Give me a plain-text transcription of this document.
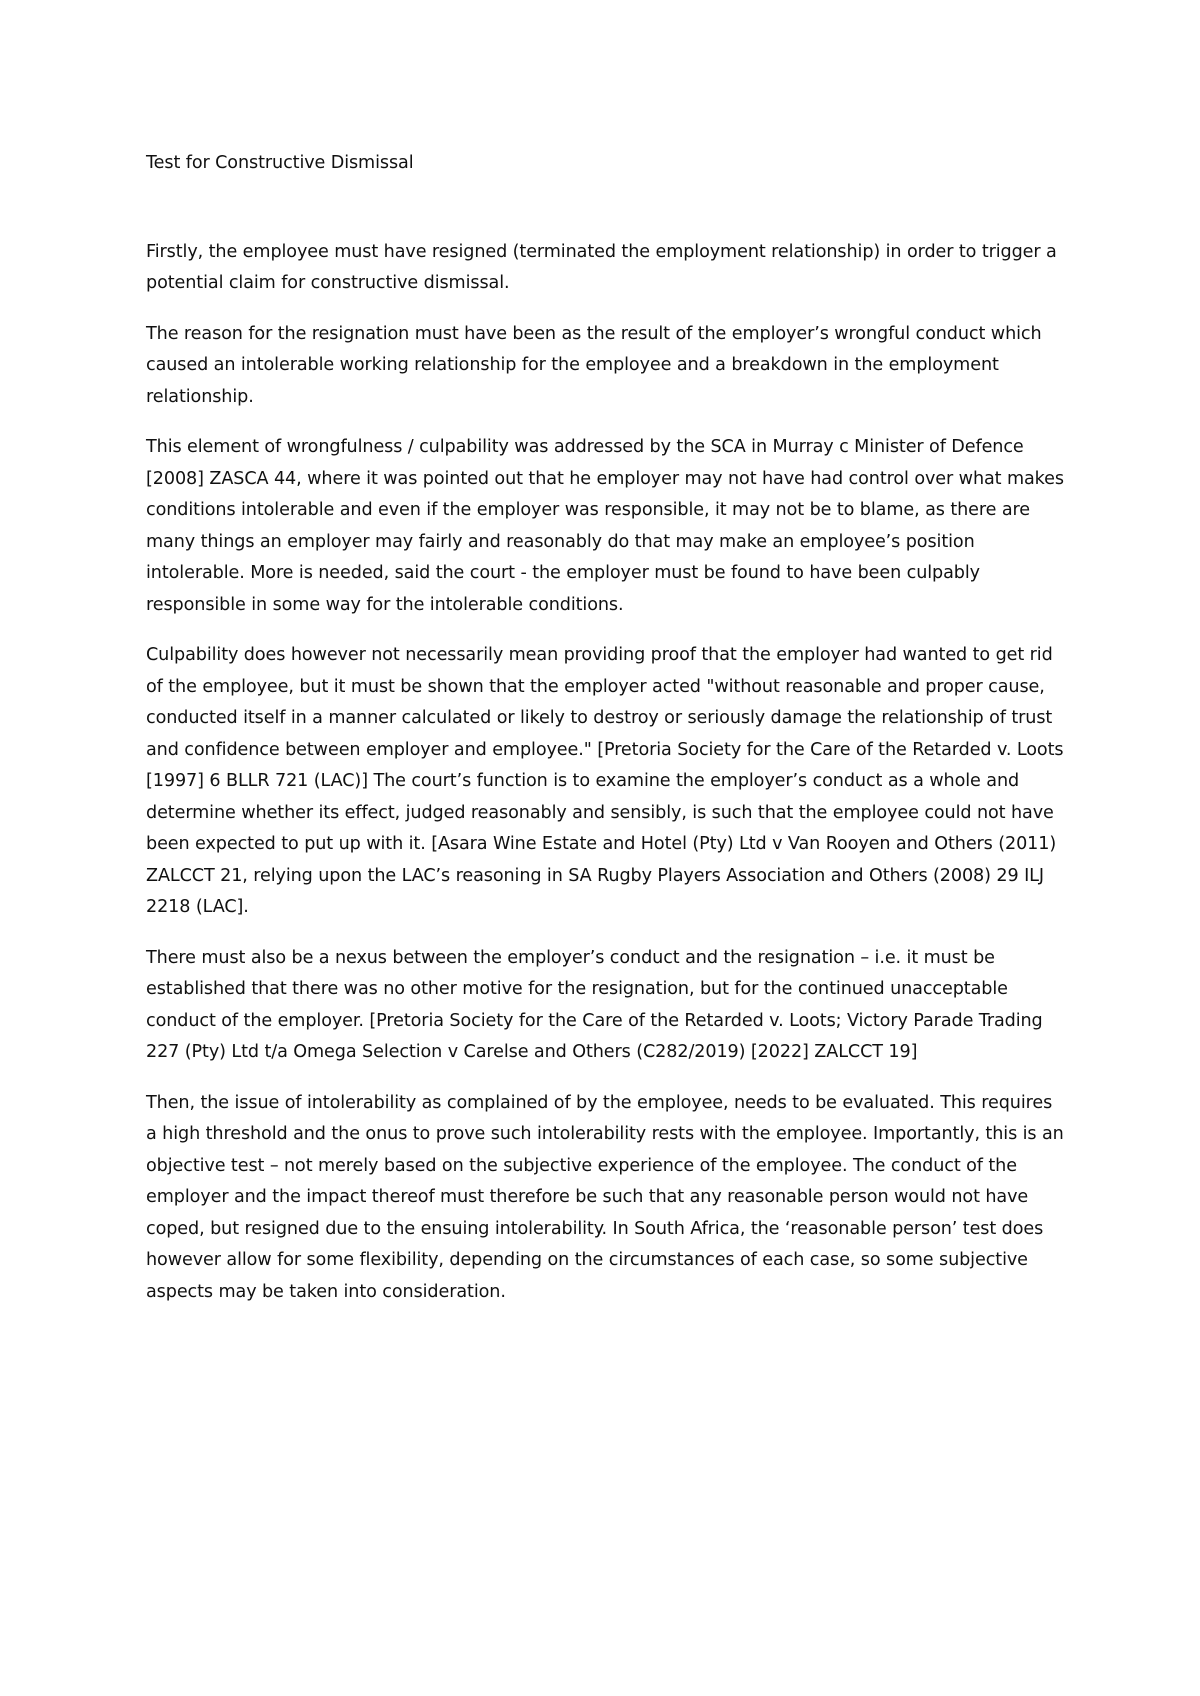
Test for Constructive Dismissal

Firstly, the employee must have resigned (terminated the employment relationship) in order to trigger a potential claim for constructive dismissal.

The reason for the resignation must have been as the result of the employer’s wrongful conduct which caused an intolerable working relationship for the employee and a breakdown in the employment relationship.

This element of wrongfulness / culpability was addressed by the SCA in Murray c Minister of Defence [2008] ZASCA 44, where it was pointed out that he employer may not have had control over what makes conditions intolerable and even if the employer was responsible, it may not be to blame, as there are many things an employer may fairly and reasonably do that may make an employee’s position intolerable. More is needed, said the court - the employer must be found to have been culpably responsible in some way for the intolerable conditions.

Culpability does however not necessarily mean providing proof that the employer had wanted to get rid of the employee, but it must be shown that the employer acted "without reasonable and proper cause, conducted itself in a manner calculated or likely to destroy or seriously damage the relationship of trust and confidence between employer and employee." [Pretoria Society for the Care of the Retarded v. Loots [1997] 6 BLLR 721 (LAC)] The court’s function is to examine the employer’s conduct as a whole and determine whether its effect, judged reasonably and sensibly, is such that the employee could not have been expected to put up with it. [Asara Wine Estate and Hotel (Pty) Ltd v Van Rooyen and Others (2011) ZALCCT 21, relying upon the LAC’s reasoning in SA Rugby Players Association and Others (2008) 29 ILJ 2218 (LAC].

There must also be a nexus between the employer’s conduct and the resignation – i.e. it must be established that there was no other motive for the resignation, but for the continued unacceptable conduct of the employer. [Pretoria Society for the Care of the Retarded v. Loots; Victory Parade Trading 227 (Pty) Ltd t/a Omega Selection v Carelse and Others (C282/2019) [2022] ZALCCT 19]

Then, the issue of intolerability as complained of by the employee, needs to be evaluated. This requires a high threshold and the onus to prove such intolerability rests with the employee. Importantly, this is an objective test – not merely based on the subjective experience of the employee. The conduct of the employer and the impact thereof must therefore be such that any reasonable person would not have coped, but resigned due to the ensuing intolerability. In South Africa, the ‘reasonable person’ test does however allow for some flexibility, depending on the circumstances of each case, so some subjective aspects may be taken into consideration.
